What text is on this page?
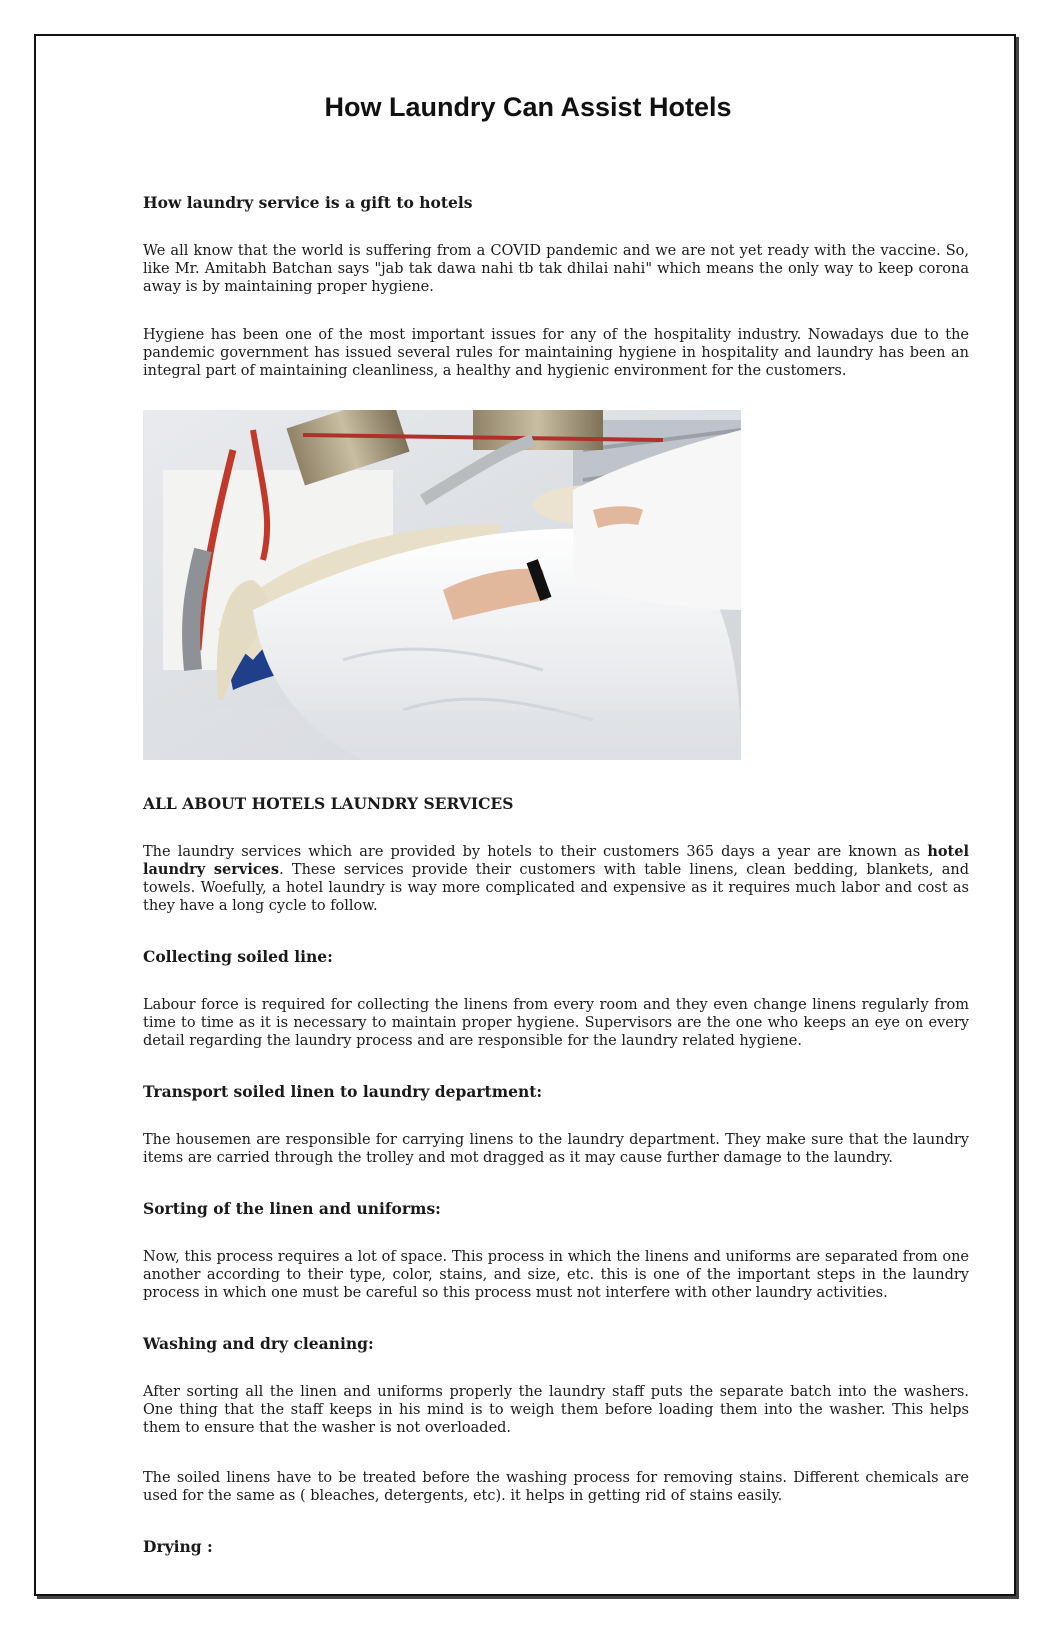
How Laundry Can Assist Hotels

How laundry service is a gift to hotels

We all know that the world is suffering from a COVID pandemic and we are not yet ready with the vaccine. So, like Mr. Amitabh Batchan says "jab tak dawa nahi tb tak dhilai nahi" which means the only way to keep corona away is by maintaining proper hygiene.

Hygiene has been one of the most important issues for any of the hospitality industry. Nowadays due to the pandemic government has issued several rules for maintaining hygiene in hospitality and laundry has been an integral part of maintaining cleanliness, a healthy and hygienic environment for the customers.

ALL ABOUT HOTELS LAUNDRY SERVICES

The laundry services which are provided by hotels to their customers 365 days a year are known as hotel laundry services. These services provide their customers with table linens, clean bedding, blankets, and towels. Woefully, a hotel laundry is way more complicated and expensive as it requires much labor and cost as they have a long cycle to follow.

Collecting soiled line:

Labour force is required for collecting the linens from every room and they even change linens regularly from time to time as it is necessary to maintain proper hygiene. Supervisors are the one who keeps an eye on every detail regarding the laundry process and are responsible for the laundry related hygiene.

Transport soiled linen to laundry department:

The housemen are responsible for carrying linens to the laundry department. They make sure that the laundry items are carried through the trolley and mot dragged as it may cause further damage to the laundry.

Sorting of the linen and uniforms:

Now, this process requires a lot of space. This process in which the linens and uniforms are separated from one another according to their type, color, stains, and size, etc. this is one of the important steps in the laundry process in which one must be careful so this process must not interfere with other laundry activities.

Washing and dry cleaning:

After sorting all the linen and uniforms properly the laundry staff puts the separate batch into the washers. One thing that the staff keeps in his mind is to weigh them before loading them into the washer. This helps them to ensure that the washer is not overloaded.

The soiled linens have to be treated before the washing process for removing stains. Different chemicals are used for the same as ( bleaches, detergents, etc). it helps in getting rid of stains easily.

Drying :
